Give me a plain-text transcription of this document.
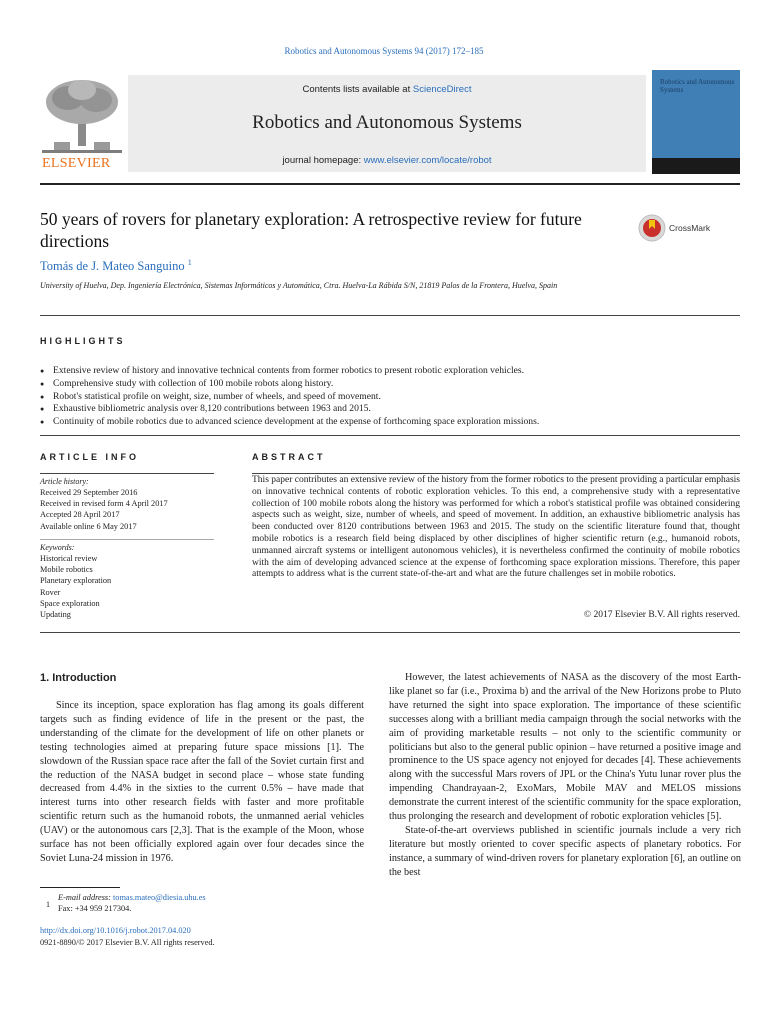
Robotics and Autonomous Systems 94 (2017) 172–185
ELSEVIER
Contents lists available at ScienceDirect
Robotics and Autonomous Systems
journal homepage: www.elsevier.com/locate/robot
Robotics and Autonomous Systems
50 years of rovers for planetary exploration: A retrospective review for future directions
CrossMark
Tomás de J. Mateo Sanguino $^1$
University of Huelva, Dep. Ingeniería Electrónica, Sistemas Informáticos y Automática, Ctra. Huelva-La Rábida S/N, 21819 Palos de la Frontera, Huelva, Spain
HIGHLIGHTS
● Extensive review of history and innovative technical contents from former robotics to present robotic exploration vehicles.
● Comprehensive study with collection of 100 mobile robots along history.
● Robot's statistical profile on weight, size, number of wheels, and speed of movement.
● Exhaustive bibliometric analysis over 8,120 contributions between 1963 and 2015.
● Continuity of mobile robotics due to advanced science development at the expense of forthcoming space exploration missions.
ARTICLE INFO	ABSTRACT
Article history:
Received 29 September 2016
Received in revised form 4 April 2017
Accepted 28 April 2017
Available online 6 May 2017
Keywords:
Historical review
Mobile robotics
Planetary exploration
Rover
Space exploration
Updating
This paper contributes an extensive review of the history from the former robotics to the present providing a particular emphasis on innovative technical contents of robotic exploration vehicles. To this end, a comprehensive study with a representative collection of 100 mobile robots along the history was performed for which a robot's statistical profile was obtained considering aspects such as weight, size, number of wheels, and speed of movement. In addition, an exhaustive bibliometric analysis has been conducted over 8120 contributions between 1963 and 2015. The study on the scientific literature found that, thought mobile robotics is a research field being displaced by other disciplines of higher scientific return (e.g., humanoid robots, unmanned aircraft systems or intelligent autonomous vehicles), it is nevertheless confirmed the continuity of mobile robotics with the aim of developing advanced science at the expense of forthcoming space exploration missions. Therefore, this paper attempts to address what is the current state-of-the-art and what are the future challenges set in mobile robotics.
© 2017 Elsevier B.V. All rights reserved.
1. Introduction
Since its inception, space exploration has flag among its goals different targets such as finding evidence of life in the present or the past, the understanding of the climate for the development of life on other planets or testing technologies aimed at preparing future space missions [1]. The slowdown of the Russian space race after the fall of the Soviet curtain first and the reduction of the NASA budget in second place – whose state funding decreased from 4.4% in the sixties to the current 0.5% – have made that interest turns into other research fields with faster and more profitable scientific return such as the humanoid robots, the unmanned aerial vehicles (UAV) or the autonomous cars [2,3]. That is the example of the Moon, whose surface has not been officially explored again over four decades since the Soviet Luna-24 mission in 1976.

However, the latest achievements of NASA as the discovery of the most Earth-like planet so far (i.e., Proxima b) and the arrival of the New Horizons probe to Pluto have returned the sight into space exploration. The importance of these scientific successes along with a brilliant media campaign through the social networks with the aim of providing marketable results – not only to the scientific community or politicians but also to the general public opinion – have returned a positive image and prominence to the US space agency not enjoyed for decades [4]. These achievements along with the successful Mars rovers of JPL or the China's Yutu lunar rover plus the impending Chandrayaan-2, ExoMars, Mobile MAV and MELOS missions demonstrate the current interest of the scientific community for the space exploration, thus prolonging the research and development of robotic exploration vehicles [5].

State-of-the-art overviews published in scientific journals include a very rich literature but mostly oriented to cover specific aspects of planetary robotics. For instance, a summary of wind-driven rovers for planetary exploration [6], an outline on the best

1
E-mail address: tomas.mateo@diesia.uhu.es
Fax: +34 959 217304.
http://dx.doi.org/10.1016/j.robot.2017.04.020
0921-8890/© 2017 Elsevier B.V. All rights reserved.
